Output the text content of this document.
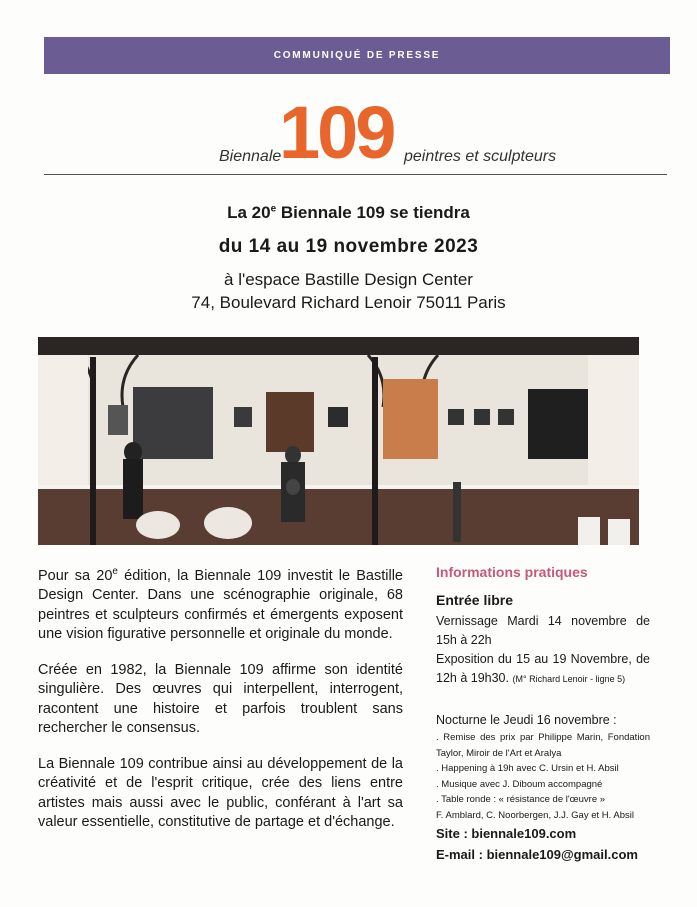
COMMUNIQUÉ DE PRESSE
Biennale
109 peintres et sculpteurs
La 20e Biennale 109 se tiendra
du 14 au 19 novembre 2023
à l'espace Bastille Design Center
74, Boulevard Richard Lenoir 75011 Paris

Pour sa 20e édition, la Biennale 109 investit le Bastille Design Center. Dans une scénographie originale, 68 peintres et sculpteurs confirmés et émergents exposent une vision figurative personnelle et originale du monde.

Créée en 1982, la Biennale 109 affirme son identité singulière. Des œuvres qui interpellent, interrogent, racontent une histoire et parfois troublent sans rechercher le consensus.

La Biennale 109 contribue ainsi au développement de la créativité et de l'esprit critique, crée des liens entre artistes mais aussi avec le public, conférant à l'art sa valeur essentielle, constitutive de partage et d'échange.

Informations pratiques
Entrée libre
Vernissage Mardi 14 novembre de 15h à 22h
Exposition du 15 au 19 Novembre, de 12h à 19h30. (M° Richard Lenoir - ligne 5)
Nocturne le Jeudi 16 novembre :
. Remise des prix par Philippe Marin, Fondation Taylor, Miroir de l'Art et Aralya
. Happening à 19h avec C. Ursin et H. Absil
. Musique avec J. Diboum accompagné
. Table ronde : « résistance de l'œuvre »
F. Amblard, C. Noorbergen, J.J. Gay et H. Absil
Site : biennale109.com
E-mail : biennale109@gmail.com
